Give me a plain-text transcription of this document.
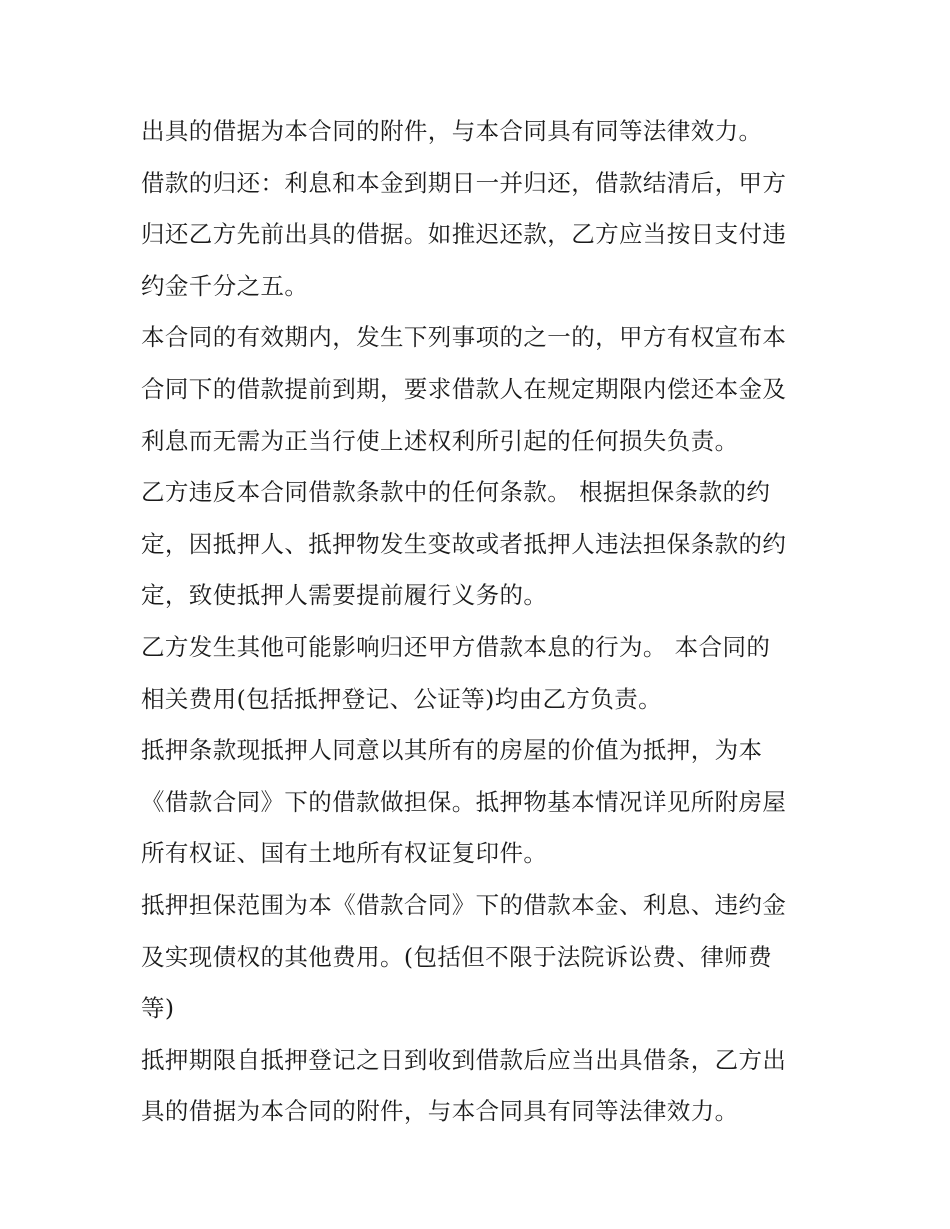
出具的借据为本合同的附件，与本合同具有同等法律效力。
借款的归还：利息和本金到期日一并归还，借款结清后，甲方
归还乙方先前出具的借据。如推迟还款，乙方应当按日支付违
约金千分之五。
本合同的有效期内，发生下列事项的之一的，甲方有权宣布本
合同下的借款提前到期，要求借款人在规定期限内偿还本金及
利息而无需为正当行使上述权利所引起的任何损失负责。
乙方违反本合同借款条款中的任何条款。 根据担保条款的约
定，因抵押人、抵押物发生变故或者抵押人违法担保条款的约
定，致使抵押人需要提前履行义务的。
乙方发生其他可能影响归还甲方借款本息的行为。 本合同的
相关费用(包括抵押登记、公证等)均由乙方负责。
抵押条款现抵押人同意以其所有的房屋的价值为抵押，为本
《借款合同》下的借款做担保。抵押物基本情况详见所附房屋
所有权证、国有土地所有权证复印件。
抵押担保范围为本《借款合同》下的借款本金、利息、违约金
及实现债权的其他费用。(包括但不限于法院诉讼费、律师费
等)
抵押期限自抵押登记之日到收到借款后应当出具借条，乙方出
具的借据为本合同的附件，与本合同具有同等法律效力。
